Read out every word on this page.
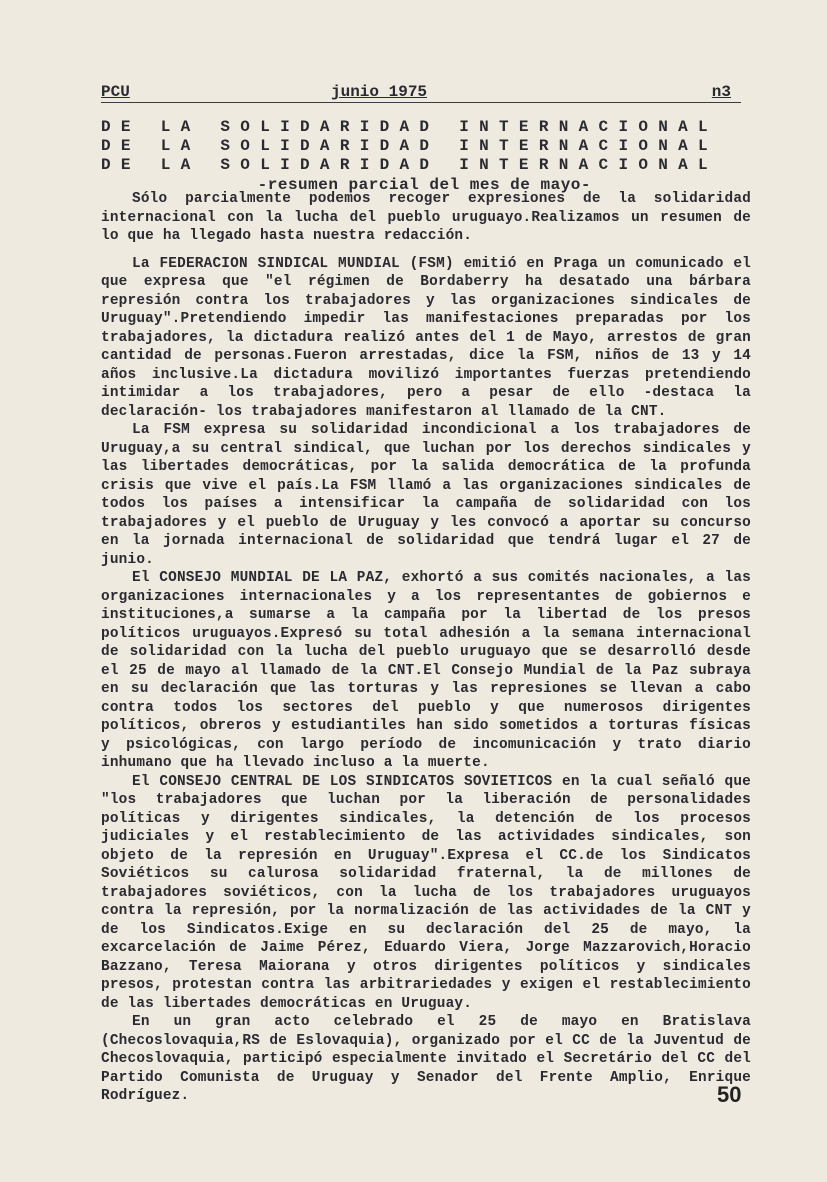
PCU	junio 1975	n3
DE LA SOLIDARIDAD INTERNACIONAL
DE LA SOLIDARIDAD INTERNACIONAL
DE LA SOLIDARIDAD INTERNACIONAL
-resumen parcial del mes de mayo-

Sólo parcialmente podemos recoger expresiones de la solidaridad internacional con la lucha del pueblo uruguayo.Realizamos un resumen de lo que ha llegado hasta nuestra redacción.

La FEDERACION SINDICAL MUNDIAL (FSM) emitió en Praga un comunicado el que expresa que "el régimen de Bordaberry ha desatado una bárbara represión contra los trabajadores y las organizaciones sindicales de Uruguay".Pretendiendo impedir las manifestaciones preparadas por los trabajadores, la dictadura realizó antes del 1 de Mayo, arrestos de gran cantidad de personas.Fueron arrestadas, dice la FSM, niños de 13 y 14 años inclusive.La dictadura movilizó importantes fuerzas pretendiendo intimidar a los trabajadores, pero a pesar de ello -destaca la declaración- los trabajadores manifestaron al llamado de la CNT.

La FSM expresa su solidaridad incondicional a los trabajadores de Uruguay,a su central sindical, que luchan por los derechos sindicales y las libertades democráticas, por la salida democrática de la profunda crisis que vive el país.La FSM llamó a las organizaciones sindicales de todos los países a intensificar la campaña de solidaridad con los trabajadores y el pueblo de Uruguay y les convocó a aportar su concurso en la jornada internacional de solidaridad que tendrá lugar el 27 de junio.

El CONSEJO MUNDIAL DE LA PAZ, exhortó a sus comités nacionales, a las organizaciones internacionales y a los representantes de gobiernos e instituciones,a sumarse a la campaña por la libertad de los presos políticos uruguayos.Expresó su total adhesión a la semana internacional de solidaridad con la lucha del pueblo uruguayo que se desarrolló desde el 25 de mayo al llamado de la CNT.El Consejo Mundial de la Paz subraya en su declaración que las torturas y las represiones se llevan a cabo contra todos los sectores del pueblo y que numerosos dirigentes políticos, obreros y estudiantiles han sido sometidos a torturas físicas y psicológicas, con largo período de incomunicación y trato diario inhumano que ha llevado incluso a la muerte.

El CONSEJO CENTRAL DE LOS SINDICATOS SOVIETICOS en la cual señaló que "los trabajadores que luchan por la liberación de personalidades políticas y dirigentes sindicales, la detención de los procesos judiciales y el restablecimiento de las actividades sindicales, son objeto de la represión en Uruguay".Expresa el CC.de los Sindicatos Soviéticos su calurosa solidaridad fraternal, la de millones de trabajadores soviéticos, con la lucha de los trabajadores uruguayos contra la represión, por la normalización de las actividades de la CNT y de los Sindicatos.Exige en su declaración del 25 de mayo, la excarcelación de Jaime Pérez, Eduardo Viera, Jorge Mazzarovich,Horacio Bazzano, Teresa Maiorana y otros dirigentes políticos y sindicales presos, protestan contra las arbitrariedades y exigen el restablecimiento de las libertades democráticas en Uruguay.

En un gran acto celebrado el 25 de mayo en Bratislava (Checoslovaquia,RS de Eslovaquia), organizado por el CC de la Juventud de Checoslovaquia, participó especialmente invitado el Secretário del CC del Partido Comunista de Uruguay y Senador del Frente Amplio, Enrique Rodríguez.	50
